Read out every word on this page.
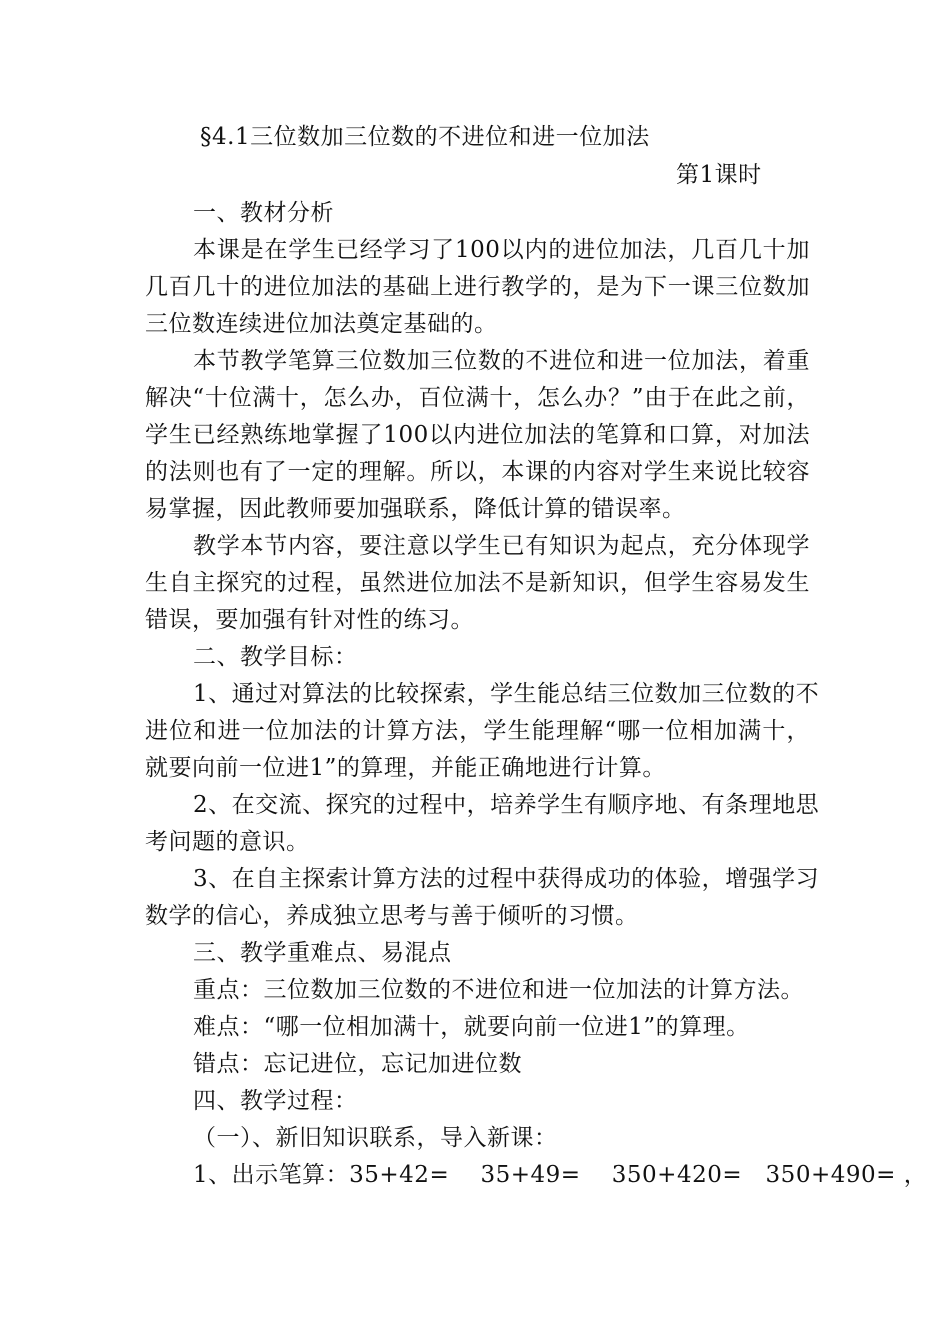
§4.1三位数加三位数的不进位和进一位加法
第1课时
一、教材分析
本课是在学生已经学习了100以内的进位加法，几百几十加
几百几十的进位加法的基础上进行教学的，是为下一课三位数加
三位数连续进位加法奠定基础的。
本节教学笔算三位数加三位数的不进位和进一位加法，着重
解决“十位满十，怎么办，百位满十，怎么办？”由于在此之前，
学生已经熟练地掌握了100以内进位加法的笔算和口算，对加法
的法则也有了一定的理解。所以，本课的内容对学生来说比较容
易掌握，因此教师要加强联系，降低计算的错误率。
教学本节内容，要注意以学生已有知识为起点，充分体现学
生自主探究的过程，虽然进位加法不是新知识，但学生容易发生
错误，要加强有针对性的练习。
二、教学目标：
1、通过对算法的比较探索，学生能总结三位数加三位数的不
进位和进一位加法的计算方法，学生能理解“哪一位相加满十，
就要向前一位进1”的算理，并能正确地进行计算。
2、在交流、探究的过程中，培养学生有顺序地、有条理地思
考问题的意识。
3、在自主探索计算方法的过程中获得成功的体验，增强学习
数学的信心，养成独立思考与善于倾听的习惯。
三、教学重难点、易混点
重点：三位数加三位数的不进位和进一位加法的计算方法。
难点：“哪一位相加满十，就要向前一位进1”的算理。
错点：忘记进位，忘记加进位数
四、教学过程：
（一）、新旧知识联系，导入新课：
1、出示笔算：35+42=    35+49=    350+420=   350+490= ，
